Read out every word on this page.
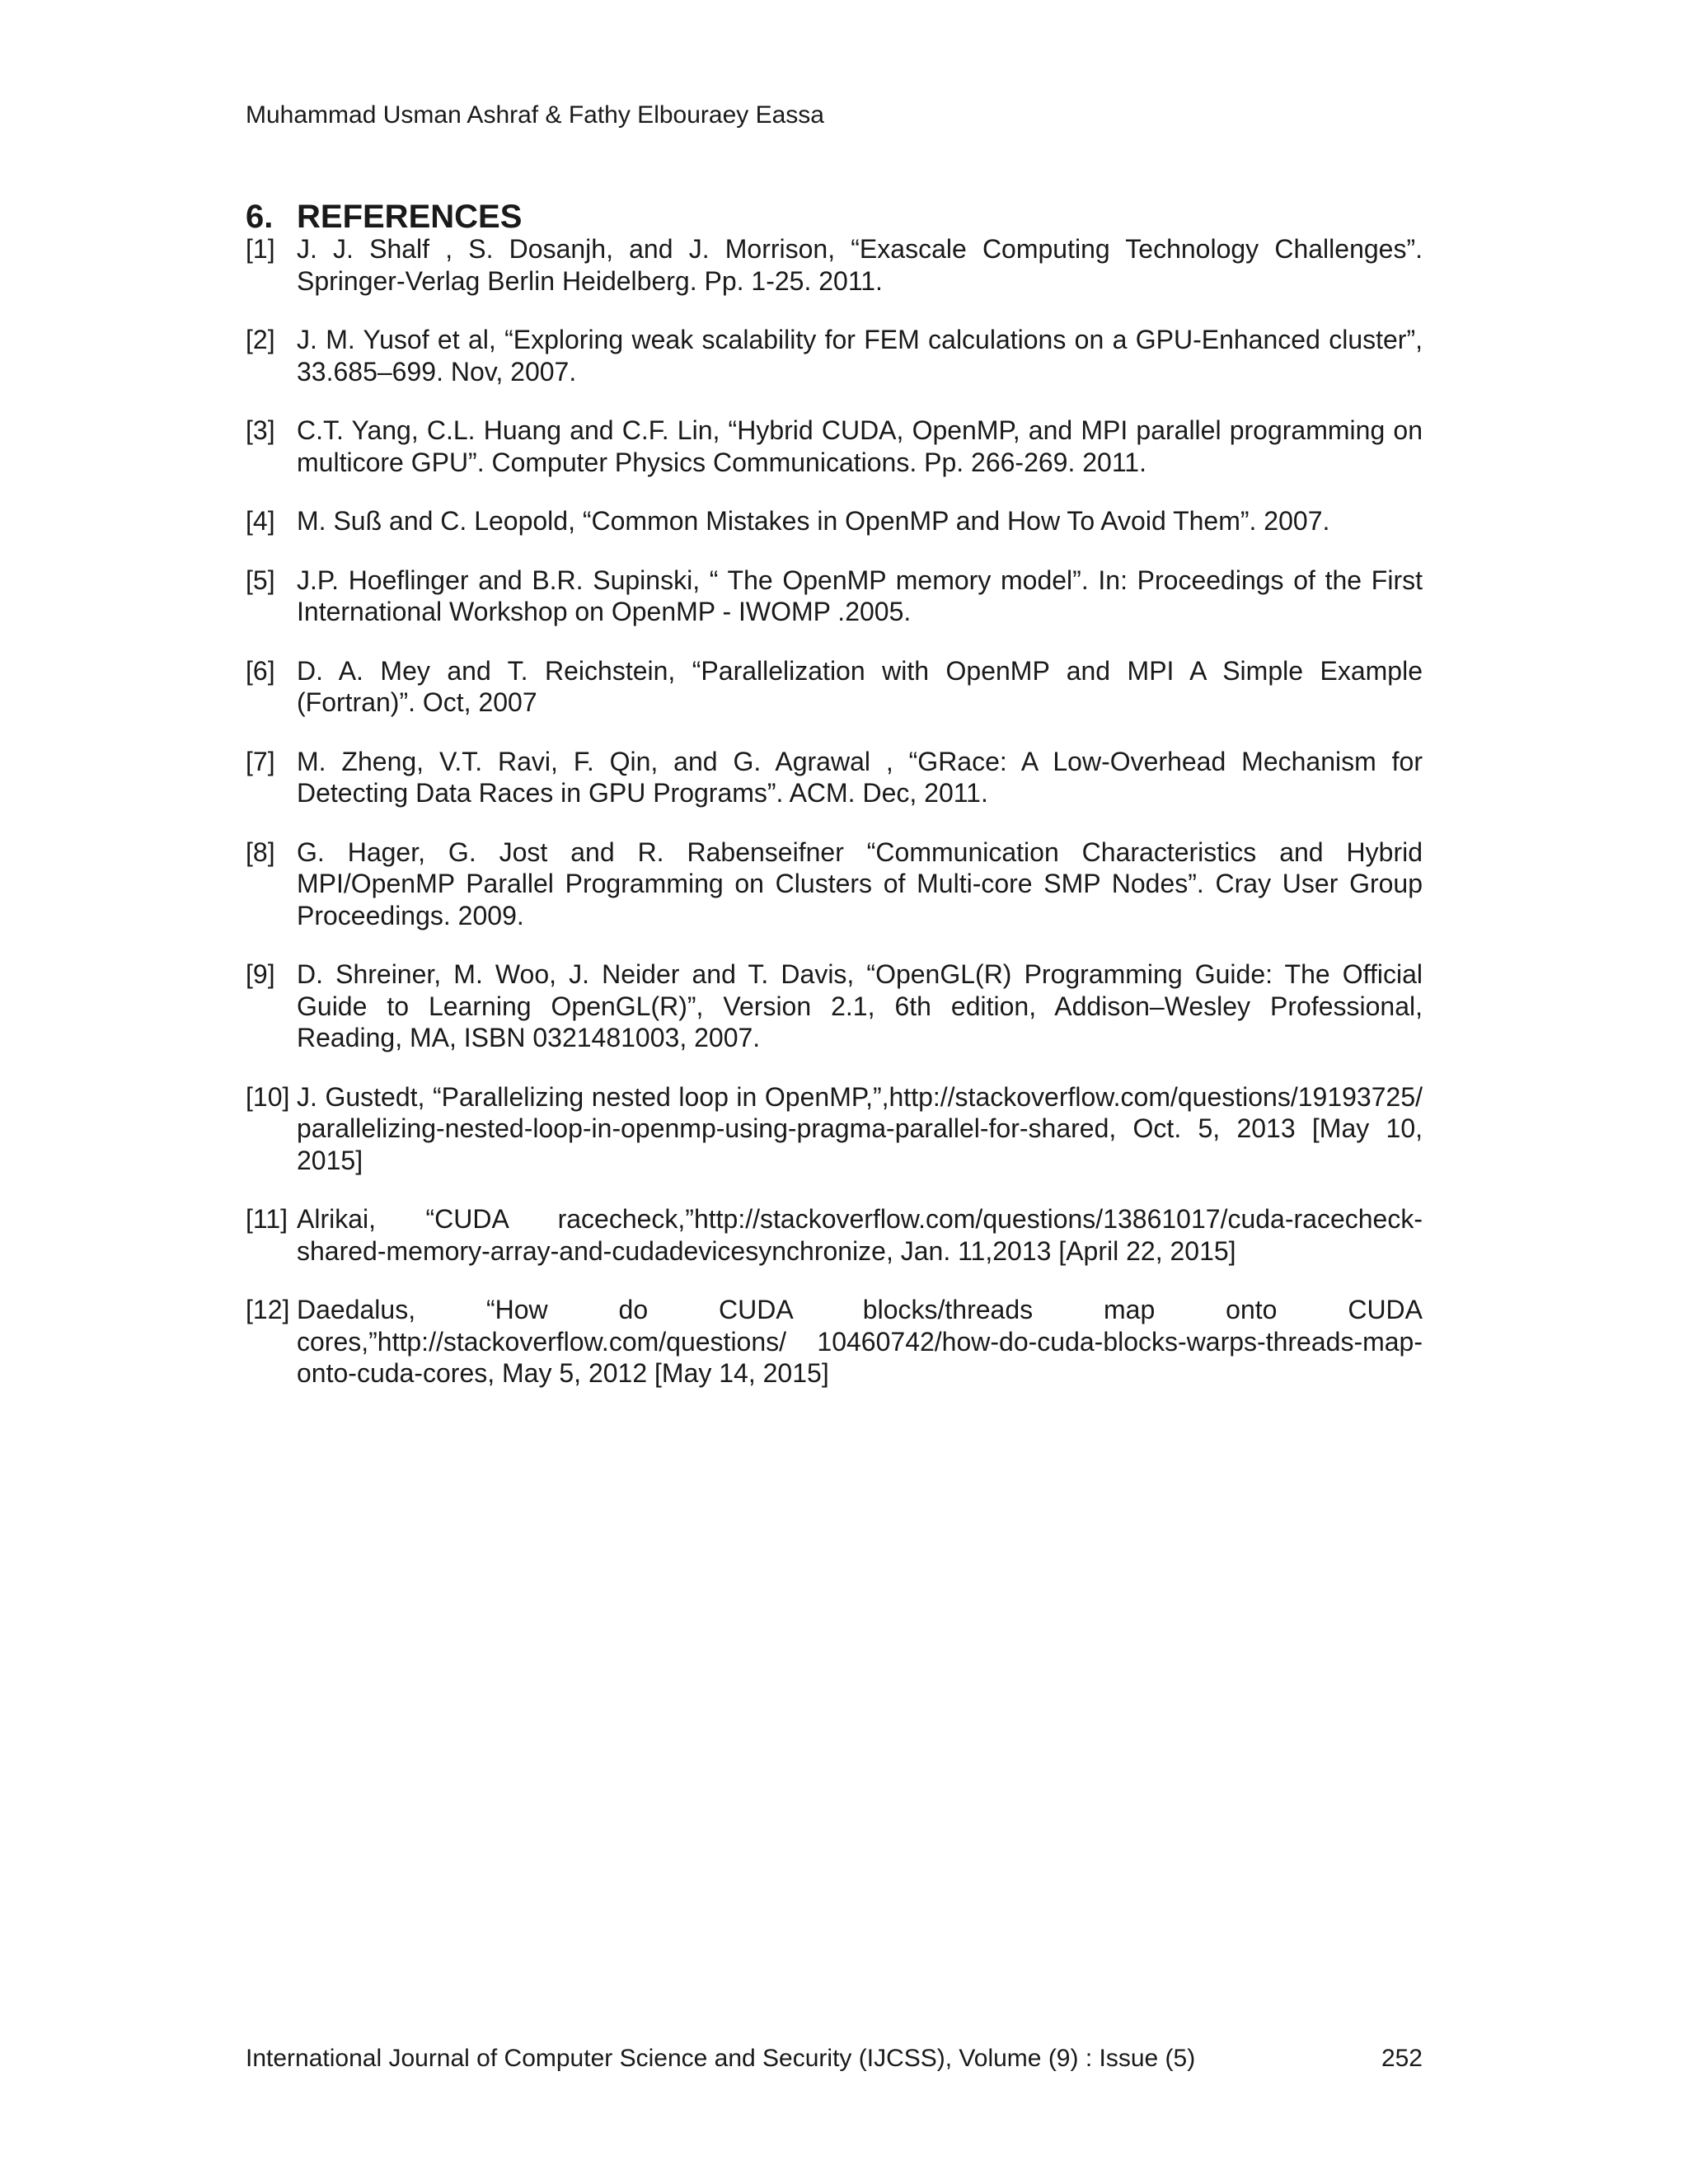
Muhammad Usman Ashraf & Fathy Elbouraey Eassa
6. REFERENCES
[1] J. J. Shalf , S. Dosanjh, and J. Morrison, “Exascale Computing Technology Challenges”. Springer-Verlag Berlin Heidelberg. Pp. 1-25. 2011.
[2] J. M. Yusof et al, “Exploring weak scalability for FEM calculations on a GPU-Enhanced cluster”, 33.685–699. Nov, 2007.
[3] C.T. Yang, C.L. Huang and C.F. Lin, “Hybrid CUDA, OpenMP, and MPI parallel programming on multicore GPU”. Computer Physics Communications. Pp. 266-269. 2011.
[4] M. Suß and C. Leopold, “Common Mistakes in OpenMP and How To Avoid Them”. 2007.
[5] J.P. Hoeflinger and B.R. Supinski, “ The OpenMP memory model”. In: Proceedings of the First International Workshop on OpenMP - IWOMP .2005.
[6] D. A. Mey and T. Reichstein, “Parallelization with OpenMP and MPI A Simple Example (Fortran)”. Oct, 2007
[7] M. Zheng, V.T. Ravi, F. Qin, and G. Agrawal , “GRace: A Low-Overhead Mechanism for Detecting Data Races in GPU Programs”. ACM. Dec, 2011.
[8] G. Hager, G. Jost and R. Rabenseifner “Communication Characteristics and Hybrid MPI/OpenMP Parallel Programming on Clusters of Multi-core SMP Nodes”. Cray User Group Proceedings. 2009.
[9] D. Shreiner, M. Woo, J. Neider and T. Davis, “OpenGL(R) Programming Guide: The Official Guide to Learning OpenGL(R)”, Version 2.1, 6th edition, Addison–Wesley Professional, Reading, MA, ISBN 0321481003, 2007.
[10] J. Gustedt, “Parallelizing nested loop in OpenMP,”,http://stackoverflow.com/questions/19193725/ parallelizing-nested-loop-in-openmp-using-pragma-parallel-for-shared, Oct. 5, 2013 [May 10, 2015]
[11] Alrikai, “CUDA racecheck,”http://stackoverflow.com/questions/13861017/cuda-racecheck-shared-memory-array-and-cudadevicesynchronize, Jan. 11,2013 [April 22, 2015]
[12] Daedalus, “How do CUDA blocks/threads map onto CUDA cores,”http://stackoverflow.com/questions/ 10460742/how-do-cuda-blocks-warps-threads-map-onto-cuda-cores, May 5, 2012 [May 14, 2015]
International Journal of Computer Science and Security (IJCSS), Volume (9) : Issue (5)	252
